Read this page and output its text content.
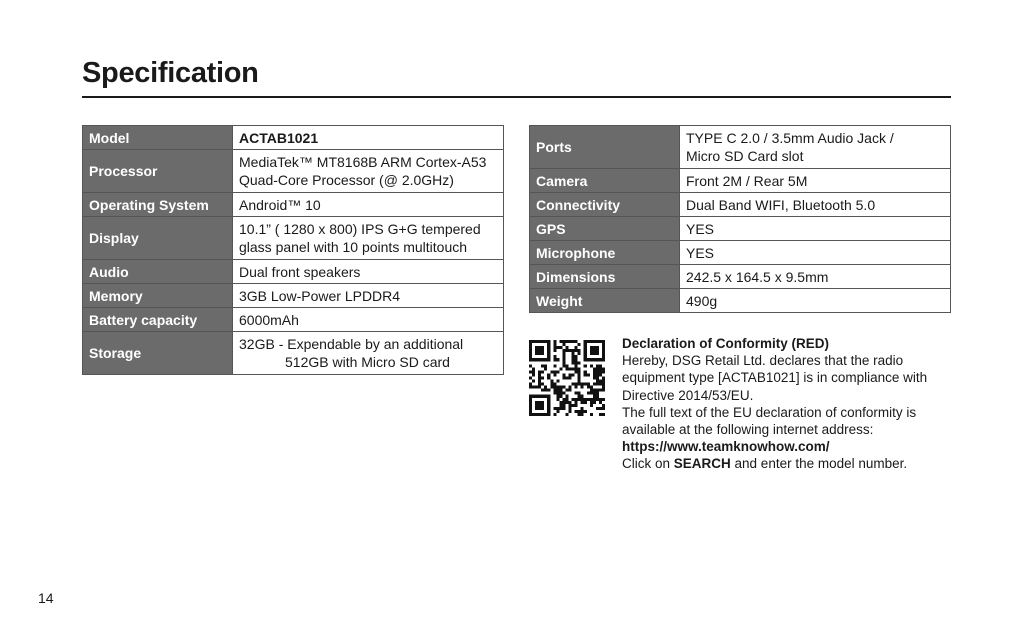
Specification
Model	ACTAB1021
Processor	MediaTek™ MT8168B ARM Cortex-A53
Quad-Core Processor (@ 2.0GHz)
Operating System	Android™ 10
Display	10.1” ( 1280 x 800) IPS G+G tempered
glass panel with 10 points multitouch
Audio	Dual front speakers
Memory	3GB Low-Power LPDDR4
Battery capacity	6000mAh
Storage	32GB - Expendable by an additional
512GB with Micro SD card
Ports	TYPE C 2.0 / 3.5mm Audio Jack /
Micro SD Card slot
Camera	Front 2M / Rear 5M
Connectivity	Dual Band WIFI, Bluetooth 5.0
GPS	YES
Microphone	YES
Dimensions	242.5 x 164.5 x 9.5mm
Weight	490g

Declaration of Conformity (RED)

Hereby, DSG Retail Ltd. declares that the radio

equipment type [ACTAB1021] is in compliance with

Directive 2014/53/EU.

The full text of the EU declaration of conformity is

available at the following internet address:

https://www.teamknowhow.com/

Click on SEARCH and enter the model number.

14
